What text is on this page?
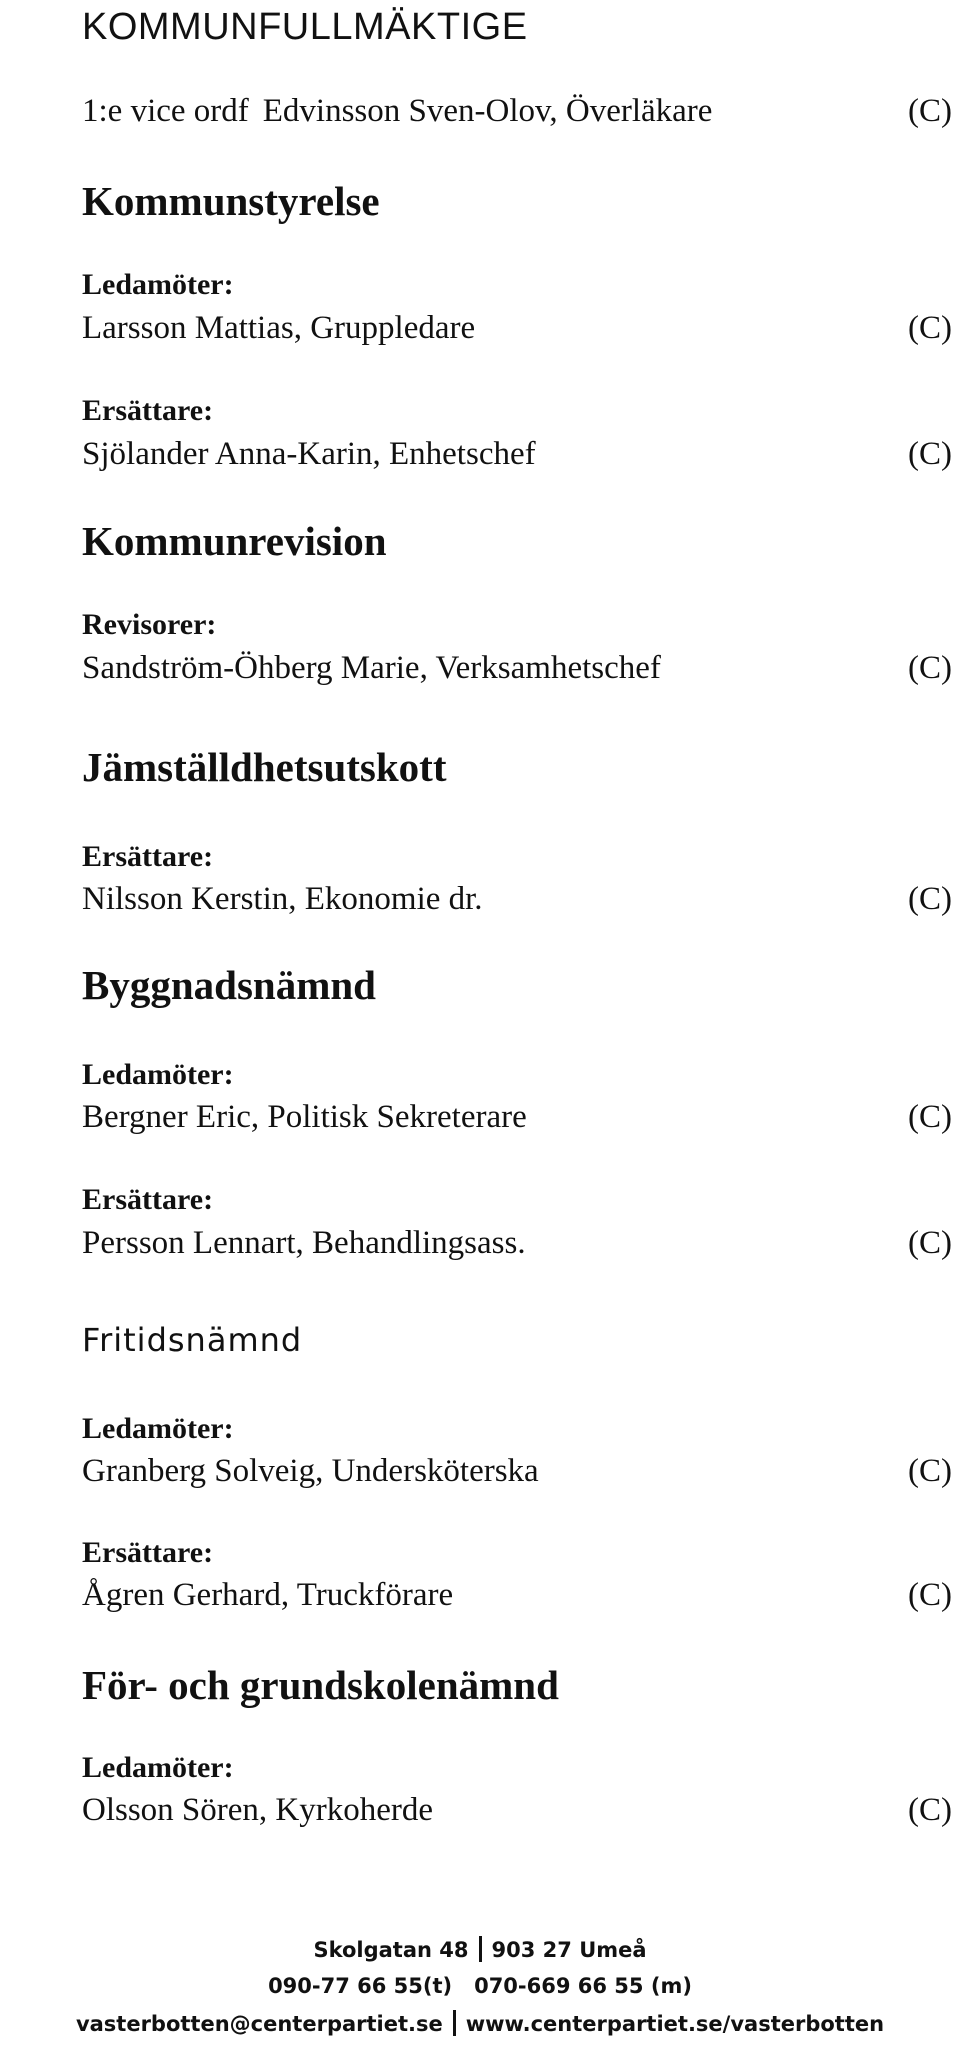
KOMMUNFULLMÄKTIGE
1:e vice ordf Edvinsson Sven-Olov, Överläkare	(C)
Kommunstyrelse
Ledamöter:
Larsson Mattias, Gruppledare	(C)
Ersättare:
Sjölander Anna-Karin, Enhetschef	(C)
Kommunrevision
Revisorer:
Sandström-Öhberg Marie, Verksamhetschef	(C)
Jämställdhetsutskott
Ersättare:
Nilsson Kerstin, Ekonomie dr.	(C)
Byggnadsnämnd
Ledamöter:
Bergner Eric, Politisk Sekreterare	(C)
Ersättare:
Persson Lennart, Behandlingsass.	(C)
Fritidsnämnd
Ledamöter:
Granberg Solveig, Undersköterska	(C)
Ersättare:
Ågren Gerhard, Truckförare	(C)
För- och grundskolenämnd
Ledamöter:
Olsson Sören, Kyrkoherde	(C)
Skolgatan 48 903 27 Umeå
090-77 66 55(t) 070-669 66 55 (m)
vasterbotten@centerpartiet.se www.centerpartiet.se/vasterbotten
